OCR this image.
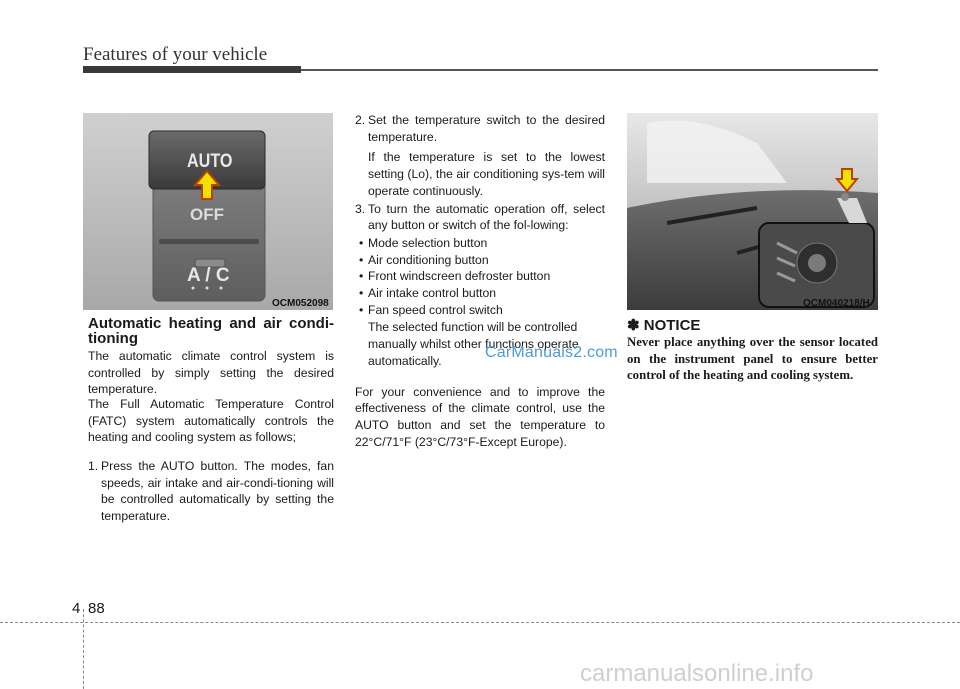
Features of your vehicle
AUTO
OFF
A / C
OCM052098
Automatic heating and air condi-
tioning
The automatic climate control system is controlled by simply setting the desired temperature.
The Full Automatic Temperature Control (FATC) system automatically controls the heating and cooling system as follows;
1. Press the AUTO button. The modes, fan speeds, air intake and air-condi-tioning will be controlled automatically by setting the temperature.
2. Set the temperature switch to the desired temperature.
If the temperature is set to the lowest setting (Lo), the air conditioning sys-tem will operate continuously.
3. To turn the automatic operation off, select any button or switch of the fol-lowing:
• Mode selection button
• Air conditioning button
• Front windscreen defroster button
• Air intake control button
• Fan speed control switch
The selected function will be controlled manually whilst other functions operate automatically.
For your convenience and to improve the effectiveness of the climate control, use the AUTO button and set the temperature to 22°C/71°F (23°C/73°F-Except Europe).
OCM040218/H
✽ NOTICE
Never place anything over the sensor located on the instrument panel to ensure better control of the heating and cooling system.
CarManuals2.com
carmanualsonline.info
4 88
